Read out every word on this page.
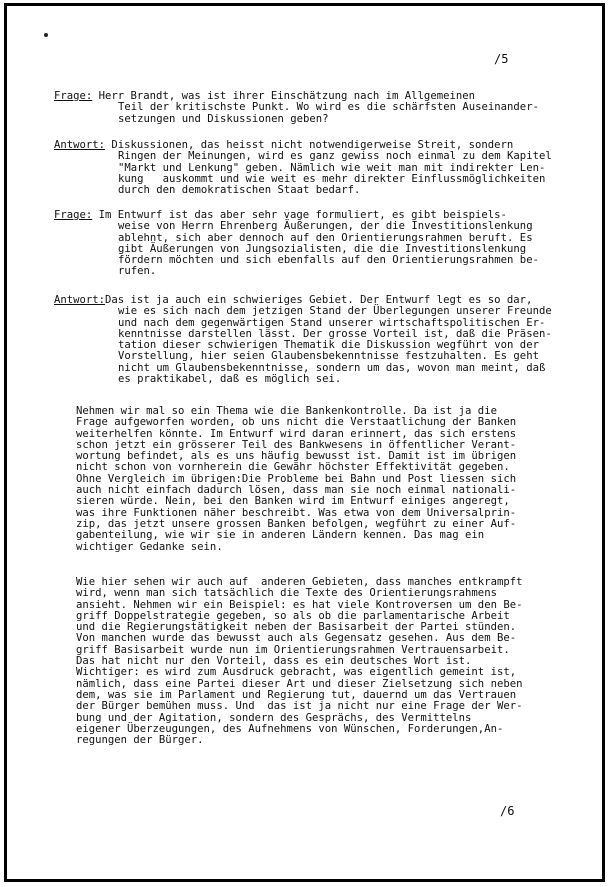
/5
Frage: Herr Brandt, was ist ihrer Einschätzung nach im Allgemeinen
Teil der kritischste Punkt. Wo wird es die schärfsten Auseinander-
setzungen und Diskussionen geben?
Antwort: Diskussionen, das heisst nicht notwendigerweise Streit, sondern
Ringen der Meinungen, wird es ganz gewiss noch einmal zu dem Kapitel
"Markt und Lenkung" geben. Nämlich wie weit man mit indirekter Len-
kung   auskommt und wie weit es mehr direkter Einflussmöglichkeiten
durch den demokratischen Staat bedarf.
Frage: Im Entwurf ist das aber sehr vage formuliert, es gibt beispiels-
weise von Herrn Ehrenberg Äußerungen, der die Investitionslenkung
ablehnt, sich aber dennoch auf den Orientierungsrahmen beruft. Es
gibt Äußerungen von Jungsozialisten, die die Investitionslenkung
fördern möchten und sich ebenfalls auf den Orientierungsrahmen be-
rufen.
Antwort:Das ist ja auch ein schwieriges Gebiet. Der Entwurf legt es so dar,
wie es sich nach dem jetzigen Stand der Überlegungen unserer Freunde
und nach dem gegenwärtigen Stand unserer wirtschaftspolitischen Er-
kenntnisse darstellen lässt. Der grosse Vorteil ist, daß die Präsen-
tation dieser schwierigen Thematik die Diskussion wegführt von der
Vorstellung, hier seien Glaubensbekenntnisse festzuhalten. Es geht
nicht um Glaubensbekenntnisse, sondern um das, wovon man meint, daß
es praktikabel, daß es möglich sei.
Nehmen wir mal so ein Thema wie die Bankenkontrolle. Da ist ja die
Frage aufgeworfen worden, ob uns nicht die Verstaatlichung der Banken
weiterhelfen könnte. Im Entwurf wird daran erinnert, das sich erstens
schon jetzt ein grösserer Teil des Bankwesens in öffentlicher Verant-
wortung befindet, als es uns häufig bewusst ist. Damit ist im übrigen
nicht schon von vornherein die Gewähr höchster Effektivität gegeben.
Ohne Vergleich im übrigen:Die Probleme bei Bahn und Post liessen sich
auch nicht einfach dadurch lösen, dass man sie noch einmal nationali-
sieren würde. Nein, bei den Banken wird im Entwurf einiges angeregt,
was ihre Funktionen näher beschreibt. Was etwa von dem Universalprin-
zip, das jetzt unsere grossen Banken befolgen, wegführt zu einer Auf-
gabenteilung, wie wir sie in anderen Ländern kennen. Das mag ein
wichtiger Gedanke sein.
Wie hier sehen wir auch auf  anderen Gebieten, dass manches entkrampft
wird, wenn man sich tatsächlich die Texte des Orientierungsrahmens
ansieht. Nehmen wir ein Beispiel: es hat viele Kontroversen um den Be-
griff Doppelstrategie gegeben, so als ob die parlamentarische Arbeit
und die Regierungstätigkeit neben der Basisarbeit der Partei stünden.
Von manchen wurde das bewusst auch als Gegensatz gesehen. Aus dem Be-
griff Basisarbeit wurde nun im Orientierungsrahmen Vertrauensarbeit.
Das hat nicht nur den Vorteil, dass es ein deutsches Wort ist.
Wichtiger: es wird zum Ausdruck gebracht, was eigentlich gemeint ist,
nämlich, dass eine Partei dieser Art und dieser Zielsetzung sich neben
dem, was sie im Parlament und Regierung tut, dauernd um das Vertrauen
der Bürger bemühen muss. Und  das ist ja nicht nur eine Frage der Wer-
bung und der Agitation, sondern des Gesprächs, des Vermittelns
eigener Überzeugungen, des Aufnehmens von Wünschen, Forderungen,An-
regungen der Bürger.
/6
